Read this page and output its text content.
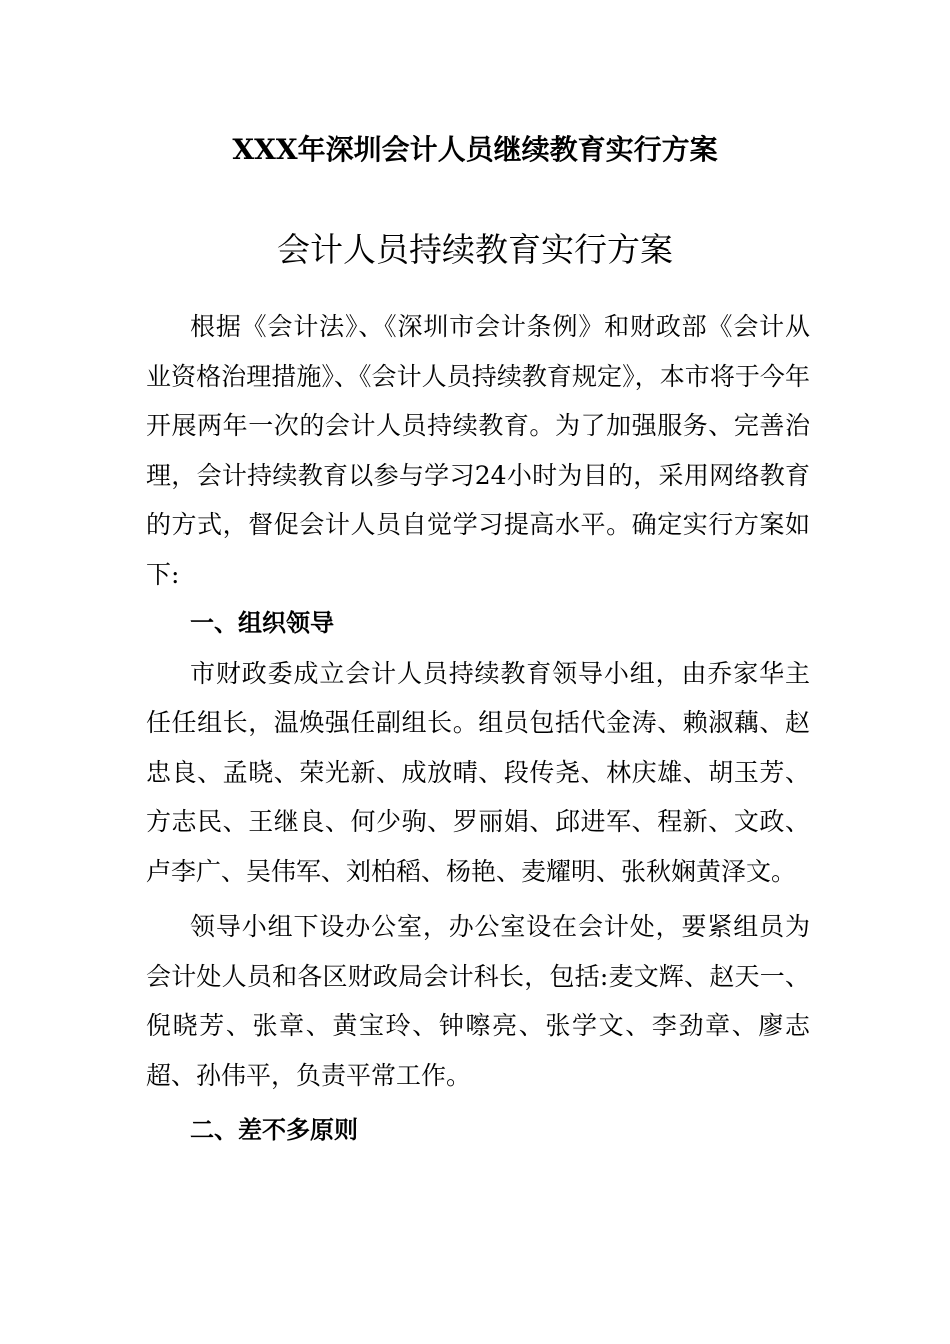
XXX年深圳会计人员继续教育实行方案
会计人员持续教育实行方案

根据《会计法》、《深圳市会计条例》和财政部《会计从业资格治理措施》、《会计人员持续教育规定》，本市将于今年开展两年一次的会计人员持续教育。为了加强服务、完善治理，会计持续教育以参与学习24小时为目的，采用网络教育的方式，督促会计人员自觉学习提高水平。确定实行方案如下:

一、组织领导

市财政委成立会计人员持续教育领导小组，由乔家华主任任组长，温焕强任副组长。组员包括代金涛、赖淑藕、赵忠良、孟晓、荣光新、成放晴、段传尧、林庆雄、胡玉芳、方志民、王继良、何少驹、罗丽娟、邱进军、程新、文政、卢李广、吴伟军、刘柏稻、杨艳、麦耀明、张秋娴黄泽文。

领导小组下设办公室，办公室设在会计处，要紧组员为会计处人员和各区财政局会计科长，包括:麦文辉、赵天一、倪晓芳、张章、黄宝玲、钟嚓亮、张学文、李劲章、廖志超、孙伟平，负责平常工作。

二、差不多原则
